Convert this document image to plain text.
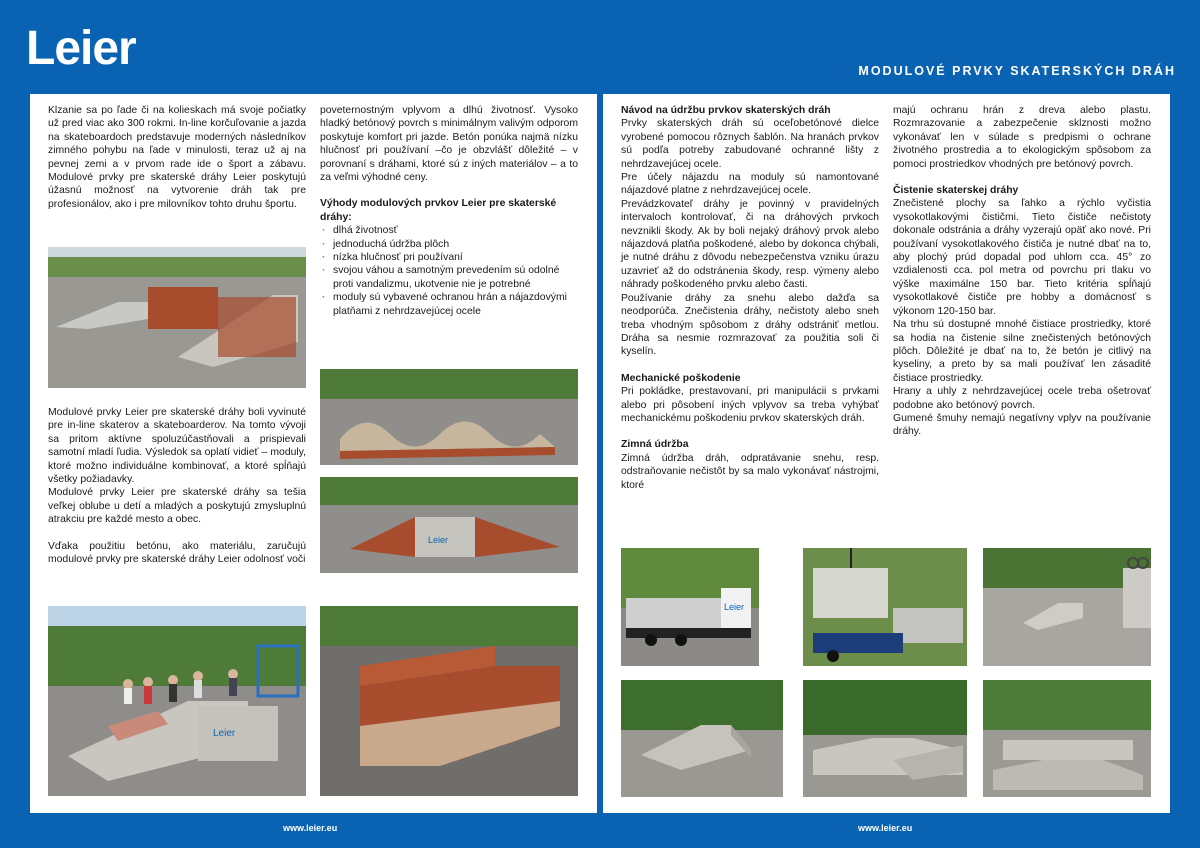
Leier	MODULOVÉ PRVKY SKATERSKÝCH DRÁH

Klzanie sa po ľade či na kolieskach má svoje počiatky už pred viac ako 300 rokmi. In-line korčuľovanie a jazda na skateboardoch predstavuje moderných následníkov zimného pohybu na ľade v minulosti, teraz už aj na pevnej zemi a v prvom rade ide o šport a zábavu. Modulové prvky pre skaterské dráhy Leier poskytujú úžasnú možnosť na vytvorenie dráh tak pre profesionálov, ako i pre milovníkov tohto druhu športu.

Modulové prvky Leier pre skaterské dráhy boli vyvinuté pre in-line skaterov a skateboarderov. Na tomto vývoji sa pritom aktívne spoluzúčastňovali a prispievali samotní mladí ľudia. Výsledok sa oplatí vidieť – moduly, ktoré možno individuálne kombinovať, a ktoré spĺňajú všetky požiadavky.

Modulové prvky Leier pre skaterské dráhy sa tešia veľkej oblube u detí a mladých a poskytujú zmysluplnú atrakciu pre každé mesto a obec.

Vďaka použitiu betónu, ako materiálu, zaručujú modulové prvky pre skaterské dráhy Leier odolnosť voči

Leier

poveternostným vplyvom a dlhú životnosť. Vysoko hladký betónový povrch s minimálnym valivým odporom poskytuje komfort pri jazde. Betón ponúka najmä nízku hlučnosť pri používaní –čo je obzvlášť dôležité – v porovnaní s dráhami, ktoré sú z iných materiálov – a to za veľmi výhodné ceny.

Výhody modulových prvkov Leier pre skaterské dráhy:
· dlhá životnosť
· jednoduchá údržba plôch
· nízka hlučnosť pri používaní
· svojou váhou a samotným prevedením sú odolné proti vandalizmu, ukotvenie nie je potrebné
· moduly sú vybavené ochranou hrán a nájazdovými platňami z nehrdzavejúcej ocele
Leier
Návod na údržbu prvkov skaterských dráh

Prvky skaterských dráh sú oceľobetónové dielce vyrobené pomocou rôznych šablón. Na hranách prvkov sú podľa potreby zabudované ochranné lišty z nehrdzavejúcej ocele.

Pre účely nájazdu na moduly sú namontované nájazdové platne z nehrdzavejúcej ocele.

Prevádzkovateľ dráhy je povinný v pravidelných intervaloch kontrolovať, či na dráhových prvkoch nevznikli škody. Ak by boli nejaký dráhový prvok alebo nájazdová platňa poškodené, alebo by dokonca chýbali, je nutné dráhu z dôvodu nebezpečenstva vzniku úrazu uzavrieť až do odstránenia škody, resp. výmeny alebo náhrady poškodeného prvku alebo časti.

Používanie dráhy za snehu alebo dažďa sa neodporúča. Znečistenia dráhy, nečistoty alebo sneh treba vhodným spôsobom z dráhy odstrániť metlou. Dráha sa nesmie rozmrazovať za použitia soli či kyselín.

Mechanické poškodenie

Pri pokládke, prestavovaní, pri manipulácii s prvkami alebo pri pôsobení iných vplyvov sa treba vyhýbať mechanickému poškodeniu prvkov skaterských dráh.

Zimná údržba

Zimná údržba dráh, odpratávanie snehu, resp. odstraňovanie nečistôt by sa malo vykonávať nástrojmi, ktoré

majú ochranu hrán z dreva alebo plastu. Rozmrazovanie a zabezpečenie sklznosti možno vykonávať len v súlade s predpismi o ochrane životného prostredia a to ekologickým spôsobom za pomoci prostriedkov vhodných pre betónový povrch.

Čistenie skaterskej dráhy

Znečistené plochy sa ľahko a rýchlo vyčistia vysokotlakovými čističmi. Tieto čističe nečistoty dokonale odstránia a dráhy vyzerajú opäť ako nové. Pri používaní vysokotlakového čističa je nutné dbať na to, aby plochý prúd dopadal pod uhlom cca. 45° zo vzdialenosti cca. pol metra od povrchu pri tlaku vo výške maximálne 150 bar. Tieto kritéria spĺňajú vysokotlakové čističe pre hobby a domácnosť s výkonom 120-150 bar.

Na trhu sú dostupné mnohé čistiace prostriedky, ktoré sa hodia na čistenie silne znečistených betónových plôch. Dôležité je dbať na to, že betón je citlivý na kyseliny, a preto by sa mali používať len zásadité čistiace prostriedky.

Hrany a uhly z nehrdzavejúcej ocele treba ošetrovať podobne ako betónový povrch.

Gumené šmuhy nemajú negatívny vplyv na používanie dráhy.

Leier
www.leier.eu	www.leier.eu
